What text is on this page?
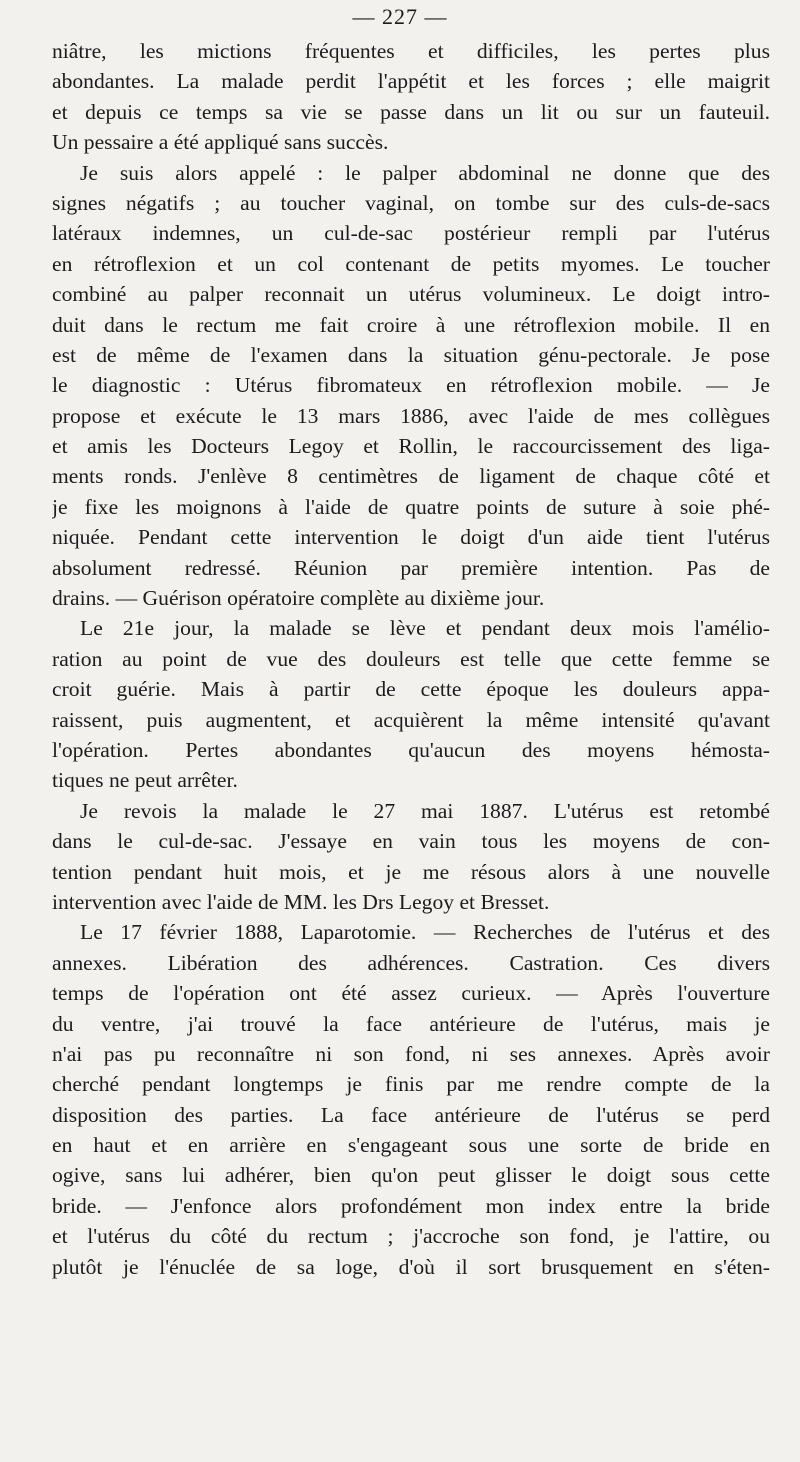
— 227 —
niâtre, les mictions fréquentes et difficiles, les pertes plus
abondantes. La malade perdit l'appétit et les forces ; elle maigrit
et depuis ce temps sa vie se passe dans un lit ou sur un fauteuil.
Un pessaire a été appliqué sans succès.
Je suis alors appelé : le palper abdominal ne donne que des
signes négatifs ; au toucher vaginal, on tombe sur des culs-de-sacs
latéraux indemnes, un cul-de-sac postérieur rempli par l'utérus
en rétroflexion et un col contenant de petits myomes. Le toucher
combiné au palper reconnait un utérus volumineux. Le doigt intro-
duit dans le rectum me fait croire à une rétroflexion mobile. Il en
est de même de l'examen dans la situation génu-pectorale. Je pose
le diagnostic : Utérus fibromateux en rétroflexion mobile. — Je
propose et exécute le 13 mars 1886, avec l'aide de mes collègues
et amis les Docteurs Legoy et Rollin, le raccourcissement des liga-
ments ronds. J'enlève 8 centimètres de ligament de chaque côté et
je fixe les moignons à l'aide de quatre points de suture à soie phé-
niquée. Pendant cette intervention le doigt d'un aide tient l'utérus
absolument redressé. Réunion par première intention. Pas de
drains. — Guérison opératoire complète au dixième jour.
Le 21e jour, la malade se lève et pendant deux mois l'amélio-
ration au point de vue des douleurs est telle que cette femme se
croit guérie. Mais à partir de cette époque les douleurs appa-
raissent, puis augmentent, et acquièrent la même intensité qu'avant
l'opération. Pertes abondantes qu'aucun des moyens hémosta-
tiques ne peut arrêter.
Je revois la malade le 27 mai 1887. L'utérus est retombé
dans le cul-de-sac. J'essaye en vain tous les moyens de con-
tention pendant huit mois, et je me résous alors à une nouvelle
intervention avec l'aide de MM. les Drs Legoy et Bresset.
Le 17 février 1888, Laparotomie. — Recherches de l'utérus et des
annexes. Libération des adhérences. Castration. Ces divers
temps de l'opération ont été assez curieux. — Après l'ouverture
du ventre, j'ai trouvé la face antérieure de l'utérus, mais je
n'ai pas pu reconnaître ni son fond, ni ses annexes. Après avoir
cherché pendant longtemps je finis par me rendre compte de la
disposition des parties. La face antérieure de l'utérus se perd
en haut et en arrière en s'engageant sous une sorte de bride en
ogive, sans lui adhérer, bien qu'on peut glisser le doigt sous cette
bride. — J'enfonce alors profondément mon index entre la bride
et l'utérus du côté du rectum ; j'accroche son fond, je l'attire, ou
plutôt je l'énuclée de sa loge, d'où il sort brusquement en s'éten-
